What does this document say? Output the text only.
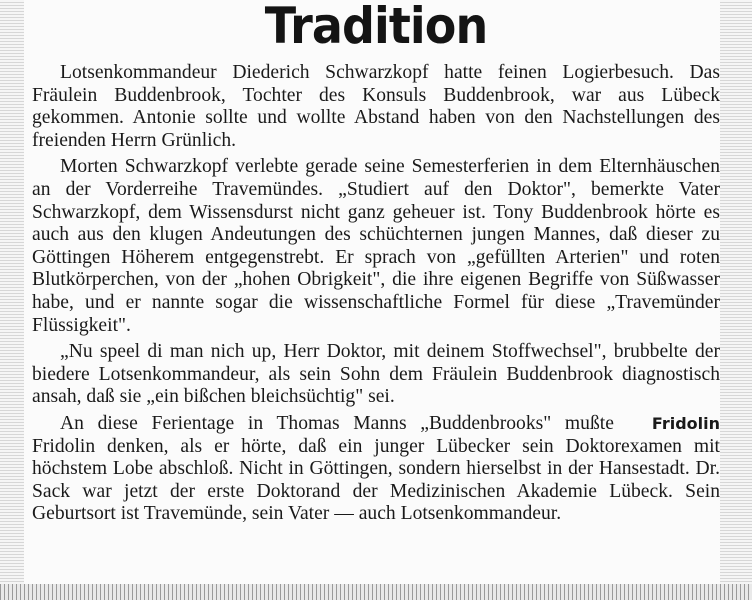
Tradition

Lotsenkommandeur Diederich Schwarzkopf hatte feinen Logierbesuch. Das Fräulein Buddenbrook, Tochter des Konsuls Buddenbrook, war aus Lübeck gekommen. Antonie sollte und wollte Abstand haben von den Nachstellungen des freienden Herrn Grünlich.

Morten Schwarzkopf verlebte gerade seine Semesterferien in dem Elternhäuschen an der Vorderreihe Travemündes. „Studiert auf den Doktor", bemerkte Vater Schwarzkopf, dem Wissensdurst nicht ganz geheuer ist. Tony Buddenbrook hörte es auch aus den klugen Andeutungen des schüchternen jungen Mannes, daß dieser zu Göttingen Höherem entgegenstrebt. Er sprach von „gefüllten Arterien" und roten Blutkörperchen, von der „hohen Obrigkeit", die ihre eigenen Begriffe von Süßwasser habe, und er nannte sogar die wissenschaftliche Formel für diese „Travemünder Flüssigkeit".

„Nu speel di man nich up, Herr Doktor, mit deinem Stoffwechsel", brubbelte der biedere Lotsenkommandeur, als sein Sohn dem Fräulein Buddenbrook diagnostisch ansah, daß sie „ein bißchen bleichsüchtig" sei.

Fridolin
An diese Ferientage in Thomas Manns „Buddenbrooks" mußte Fridolin denken, als er hörte, daß ein junger Lübecker sein Doktorexamen mit höchstem Lobe abschloß. Nicht in Göttingen, sondern hierselbst in der Hansestadt. Dr. Sack war jetzt der erste Doktorand der Medizinischen Akademie Lübeck. Sein Geburtsort ist Travemünde, sein Vater — auch Lotsenkommandeur.
